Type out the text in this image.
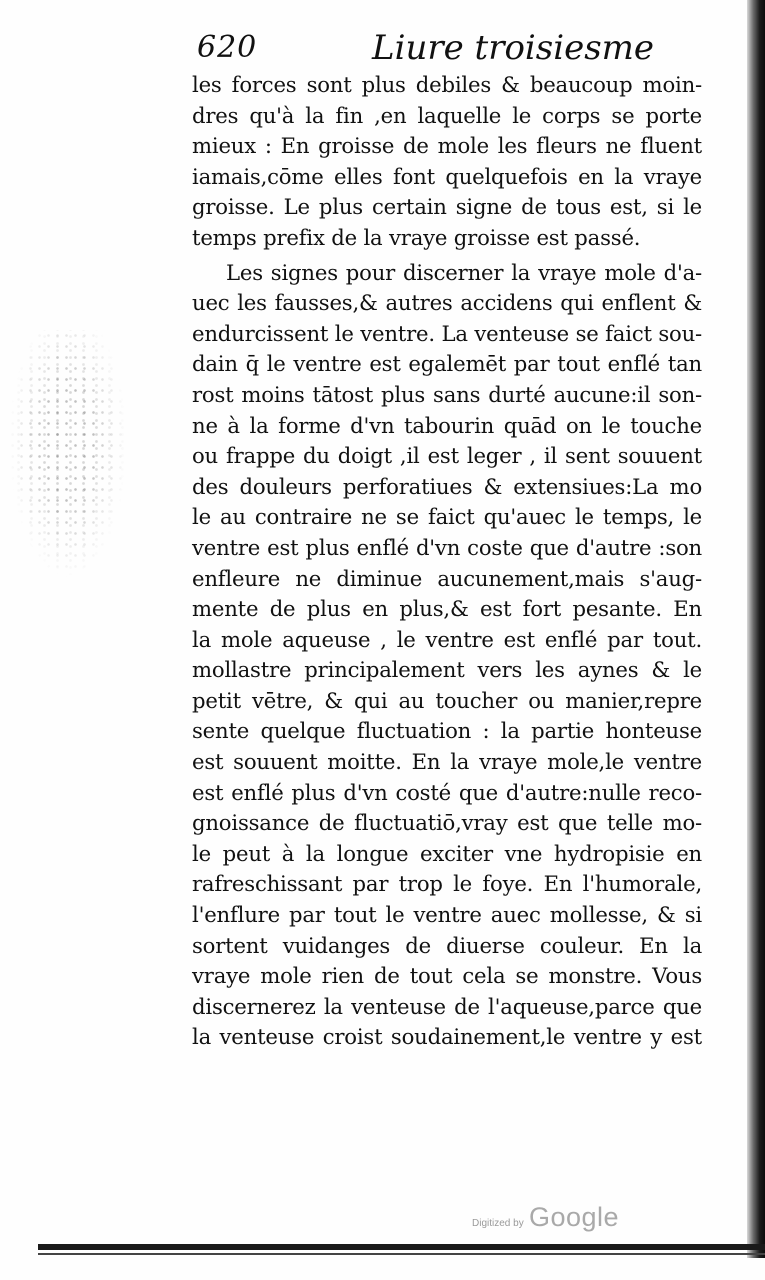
620	Liure troisiesme
les forces sont plus debiles & beaucoup moin-
dres qu'à la fin ,en laquelle le corps se porte
mieux : En groisse de mole les fleurs ne fluent
iamais,cōme elles font quelquefois en la vraye
groisse. Le plus certain signe de tous est, si le
temps prefix de la vraye groisse est passé.
Les signes pour discerner la vraye mole d'a-
uec les fausses,& autres accidens qui enflent &
endurcissent le ventre. La venteuse se faict sou-
dain q̄ le ventre est egalemēt par tout enflé tan
rost moins tātost plus sans durté aucune:il son-
ne à la forme d'vn tabourin quād on le touche
ou frappe du doigt ,il est leger , il sent souuent
des douleurs perforatiues & extensiues:La mo
le au contraire ne se faict qu'auec le temps, le
ventre est plus enflé d'vn coste que d'autre :son
enfleure ne diminue aucunement,mais s'aug-
mente de plus en plus,& est fort pesante. En
la mole aqueuse , le ventre est enflé par tout.
mollastre principalement vers les aynes & le
petit vētre, & qui au toucher ou manier,repre
sente quelque fluctuation : la partie honteuse
est souuent moitte. En la vraye mole,le ventre
est enflé plus d'vn costé que d'autre:nulle reco-
gnoissance de fluctuatiō,vray est que telle mo-
le peut à la longue exciter vne hydropisie en
rafreschissant par trop le foye. En l'humorale,
l'enflure par tout le ventre auec mollesse, & si
sortent vuidanges de diuerse couleur. En la
vraye mole rien de tout cela se monstre. Vous
discernerez la venteuse de l'aqueuse,parce que
la venteuse croist soudainement,le ventre y est
Digitized by Google
